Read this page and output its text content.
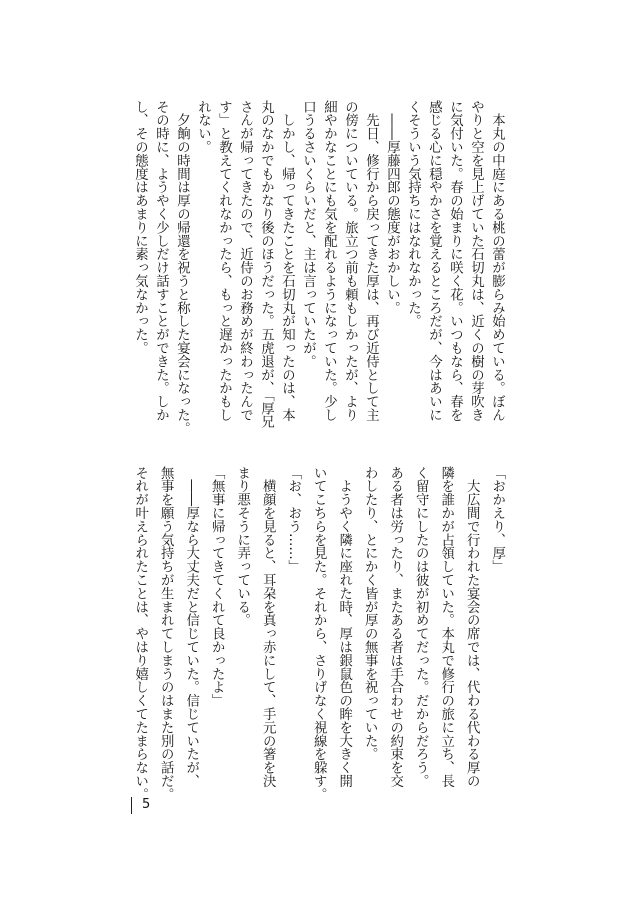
　本丸の中庭にある桃の蕾が膨らみ始めている。ぼん
やりと空を見上げていた石切丸は、近くの樹の芽吹き
に気付いた。春の始まりに咲く花。いつもなら、春を
感じる心に穏やかさを覚えるところだが、今はあいに
くそういう気持ちにはなれなかった。
　――厚藤四郎の態度がおかしい。
　先日、修行から戻ってきた厚は、再び近侍として主
の傍についている。旅立つ前も頼もしかったが、より
細やかなことにも気を配れるようになっていた。少し
口うるさいくらいだと、主は言っていたが。
　しかし、帰ってきたことを石切丸が知ったのは、本
丸のなかでもかなり後のほうだった。五虎退が、「厚兄
さんが帰ってきたので、近侍のお務めが終わったんで
す」と教えてくれなかったら、もっと遅かったかもし
れない。
　夕餉の時間は厚の帰還を祝うと称した宴会になった。
その時に、ようやく少しだけ話すことができた。しか
し、その態度はあまりに素っ気なかった。
「おかえり、厚」
　大広間で行われた宴会の席では、代わる代わる厚の
隣を誰かが占領していた。本丸で修行の旅に立ち、長
く留守にしたのは彼が初めてだった。だからだろう。
ある者は労ったり、またある者は手合わせの約束を交
わしたり、とにかく皆が厚の無事を祝っていた。
　ようやく隣に座れた時、厚は銀鼠色の眸を大きく開
いてこちらを見た。それから、さりげなく視線を躱す。
「お、おう……」
　横顔を見ると、耳朶を真っ赤にして、手元の箸を決
まり悪そうに弄っている。
「無事に帰ってきてくれて良かったよ」
　――厚なら大丈夫だと信じていた。信じていたが、
無事を願う気持ちが生まれてしまうのはまた別の話だ。
それが叶えられたことは、やはり嬉しくてたまらない。
5
